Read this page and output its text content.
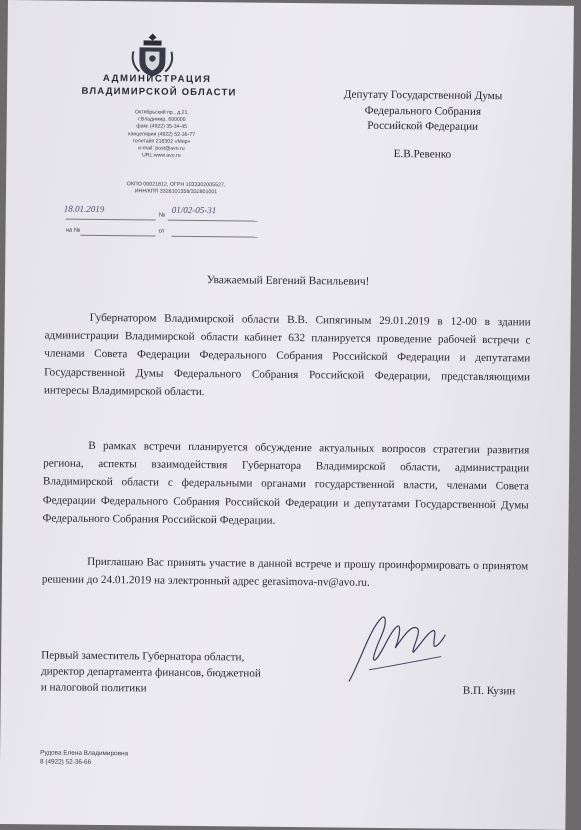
АДМИНИСТРАЦИЯ
ВЛАДИМИРСКОЙ ОБЛАСТИ
Октябрьский пр., д.21,
г.Владимир, 600000
факс (4922) 35-34-45
канцелярия (4922) 52-36-77
телетайп 218302 «Мир»
e-mail: post@avo.ru
URL:www.avo.ru
ОКПО 00021812, ОГРН 1033302005527,
ИНН/КПП 3328101358/332801001
18.01.2019
№
01/02-05-31
на №	от
Депутату Государственной Думы
Федерального Собрания
Российской Федерации
Е.В.Ревенко
Уважаемый Евгений Васильевич!

Губернатором Владимирской области В.В. Сипягиным 29.01.2019 в 12-00 в здании администрации Владимирской области кабинет 632 планируется проведение рабочей встречи с членами Совета Федерации Федерального Собрания Российской Федерации и депутатами Государственной Думы Федерального Собрания Российской Федерации, представляющими интересы Владимирской области.

В рамках встречи планируется обсуждение актуальных вопросов стратегии развития региона, аспекты взаимодействия Губернатора Владимирской области, администрации Владимирской области с федеральными органами государственной власти, членами Совета Федерации Федерального Собрания Российской Федерации и депутатами Государственной Думы Федерального Собрания Российской Федерации.

Приглашаю Вас принять участие в данной встрече и прошу проинформировать о принятом решении до 24.01.2019 на электронный адрес gerasimova-nv@avo.ru.

Первый заместитель Губернатора области,
директор департамента финансов, бюджетной
и налоговой политики	В.П. Кузин
Рудова Елена Владимировна
8 (4922) 52-36-66
